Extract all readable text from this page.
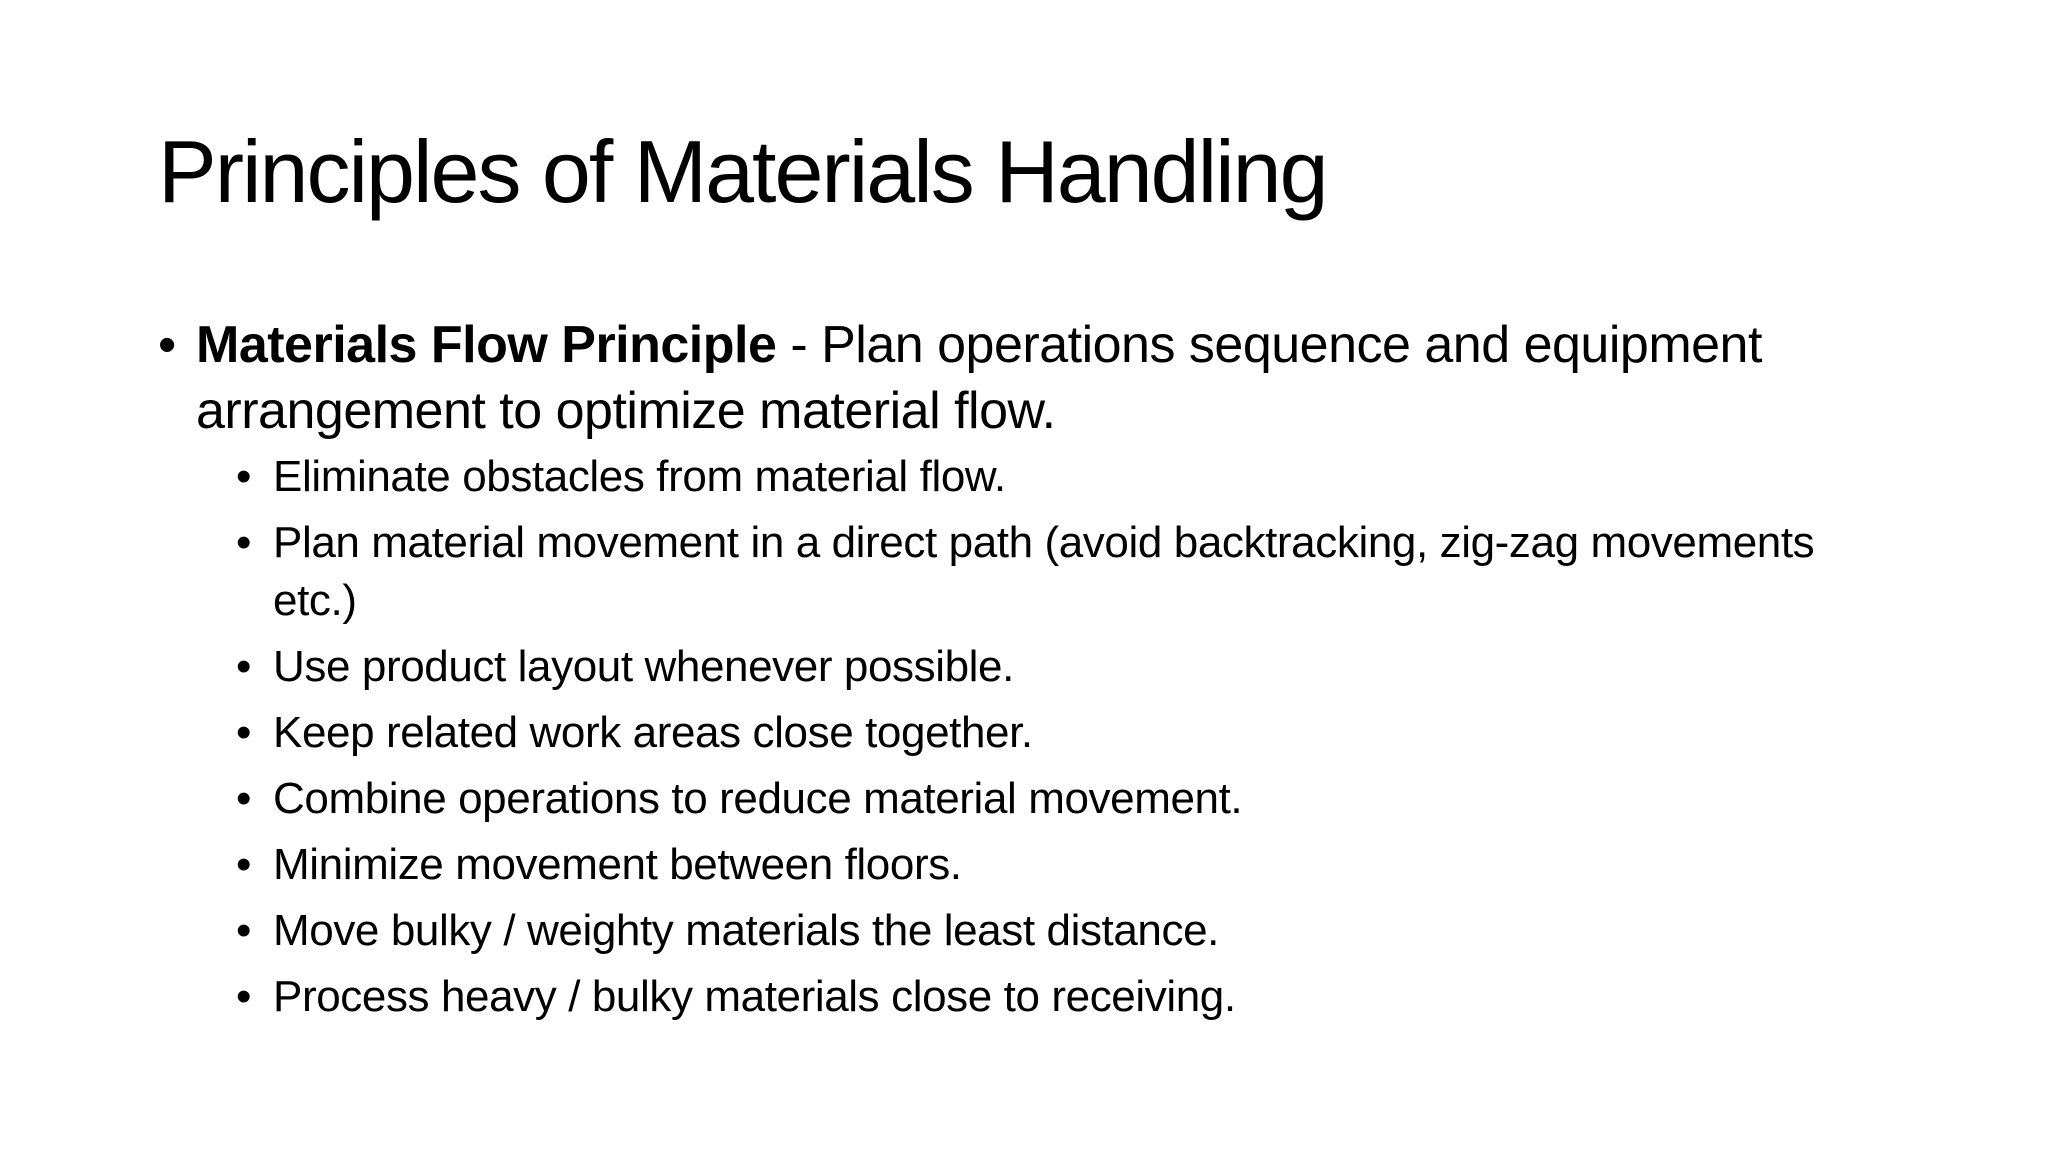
Principles of Materials Handling
• Materials Flow Principle - Plan operations sequence and equipment arrangement to optimize material flow.
• Eliminate obstacles from material flow.
• Plan material movement in a direct path (avoid backtracking, zig-zag movements etc.)
• Use product layout whenever possible.
• Keep related work areas close together.
• Combine operations to reduce material movement.
• Minimize movement between floors.
• Move bulky / weighty materials the least distance.
• Process heavy / bulky materials close to receiving.
